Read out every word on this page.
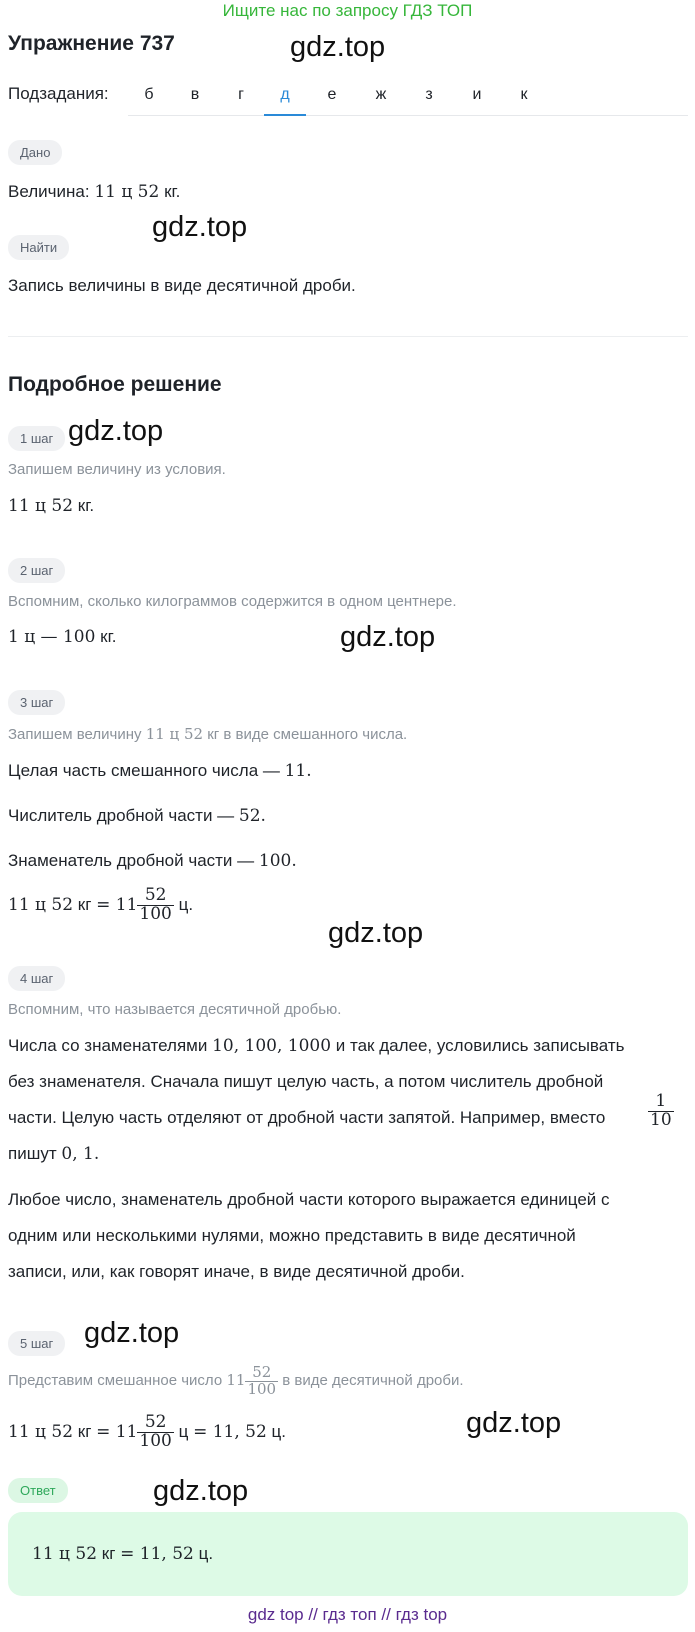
Ищите нас по запросу ГДЗ ТОП
Упражнение 737	gdz.top
Подзадания:	б	в	г	д	е	ж	з	и	к
Дано
Величина: 11 ц 52 кг.
gdz.top
Найти
Запись величины в виде десятичной дроби.
Подробное решение
1 шаг gdz.top
Запишем величину из условия.
11 ц 52 кг.
2 шаг
Вспомним, сколько килограммов содержится в одном центнере.
1 ц — 100 кг.	gdz.top
3 шаг
Запишем величину 11 ц 52 кг в виде смешанного числа.
Целая часть смешанного числа — 11.
Числитель дробной части — 52.
Знаменатель дробной части — 100.
11 ц 52 кг = $11 \frac{52}{100} ц$.
gdz.top
4 шаг
Вспомним, что называется десятичной дробью.
Числа со знаменателями 10, 100, 1000 и так далее, условились записывать
без знаменателя. Сначала пишут целую часть, а потом числитель дробной
части. Целую часть отделяют от дробной части запятой. Например, вместо	$\frac{1}{10}$
пишут 0, 1.
Любое число, знаменатель дробной части которого выражается единицей с
одним или несколькими нулями, можно представить в виде десятичной
записи, или, как говорят иначе, в виде десятичной дроби.
5 шаг	gdz.top
Представим смешанное число $11 \frac{52}{100}$ в виде десятичной дроби.
11 ц 52 кг = $11 \frac{52}{100}$ ц = 11, 52 ц.	gdz.top
Ответ	gdz.top
11 ц 52 кг = 11, 52 ц.
gdz top // гдз топ // гдз top
